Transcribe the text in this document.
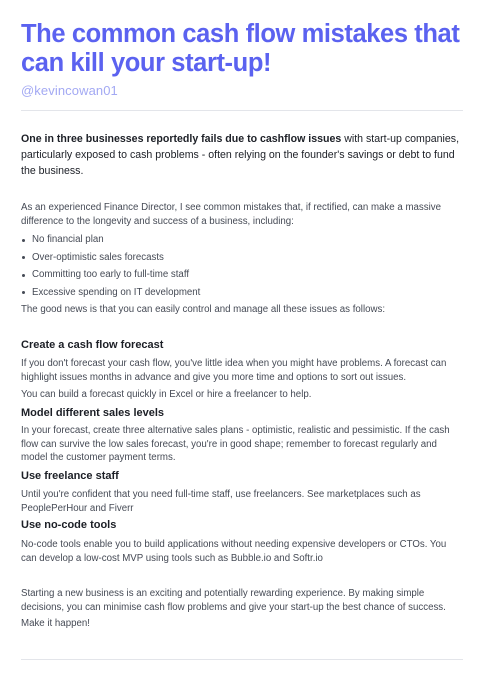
The common cash flow mistakes that can kill your start-up!
@kevincowan01

One in three businesses reportedly fails due to cashflow issues with start-up companies, particularly exposed to cash problems - often relying on the founder's savings or debt to fund the business.

As an experienced Finance Director, I see common mistakes that, if rectified, can make a massive difference to the longevity and success of a business, including:

No financial plan
Over-optimistic sales forecasts
Committing too early to full-time staff
Excessive spending on IT development

The good news is that you can easily control and manage all these issues as follows:

Create a cash flow forecast

If you don't forecast your cash flow, you've little idea when you might have problems. A forecast can highlight issues months in advance and give you more time and options to sort out issues.

You can build a forecast quickly in Excel or hire a freelancer to help.

Model different sales levels

In your forecast, create three alternative sales plans - optimistic, realistic and pessimistic. If the cash flow can survive the low sales forecast, you're in good shape; remember to forecast regularly and model the customer payment terms.

Use freelance staff

Until you're confident that you need full-time staff, use freelancers. See marketplaces such as PeoplePerHour and Fiverr

Use no-code tools

No-code tools enable you to build applications without needing expensive developers or CTOs. You can develop a low-cost MVP using tools such as Bubble.io and Softr.io

Starting a new business is an exciting and potentially rewarding experience. By making simple decisions, you can minimise cash flow problems and give your start-up the best chance of success.

Make it happen!
